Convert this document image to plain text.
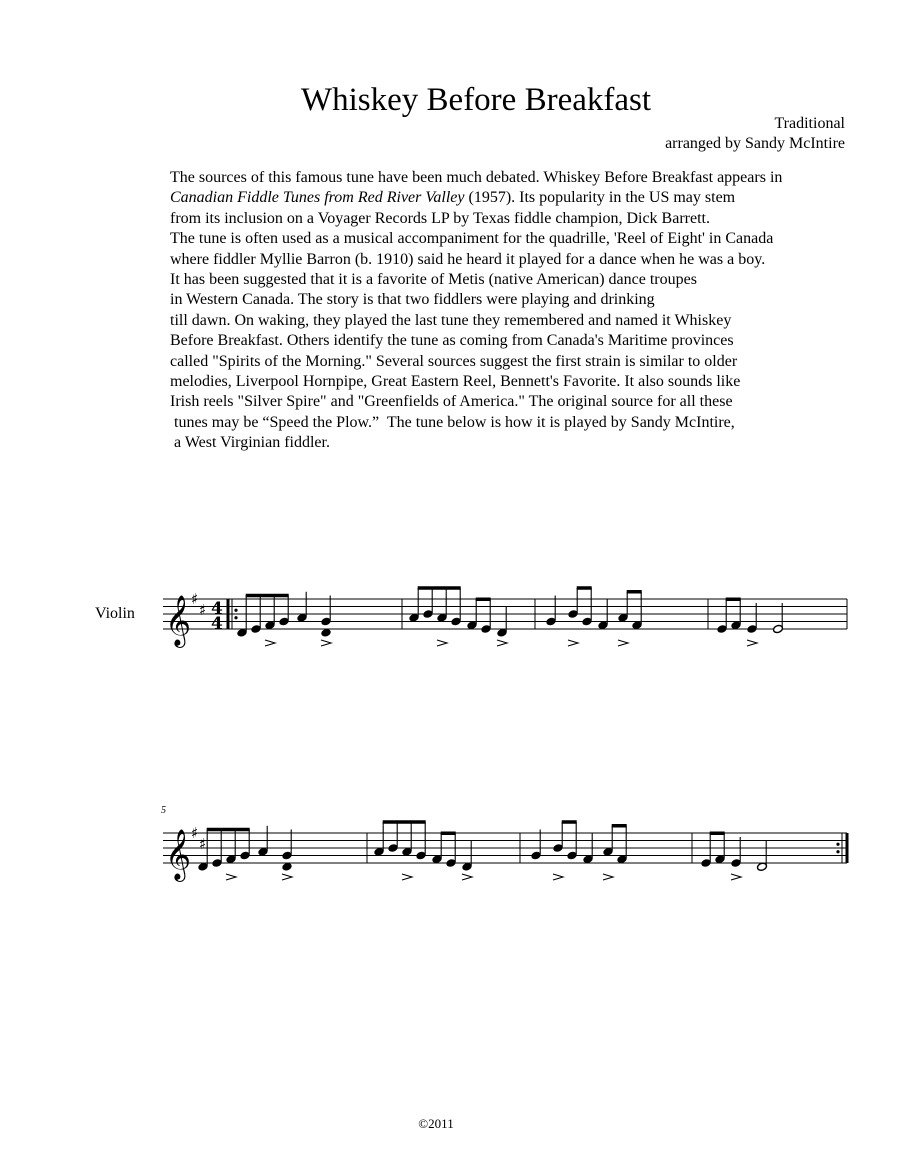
Whiskey Before Breakfast
Traditional
arranged by Sandy McIntire
The sources of this famous tune have been much debated. Whiskey Before Breakfast appears in
Canadian Fiddle Tunes from Red River Valley (1957). Its popularity in the US may stem
from its inclusion on a Voyager Records LP by Texas fiddle champion, Dick Barrett.
The tune is often used as a musical accompaniment for the quadrille, 'Reel of Eight' in Canada
where fiddler Myllie Barron (b. 1910) said he heard it played for a dance when he was a boy.
It has been suggested that it is a favorite of Metis (native American) dance troupes
in Western Canada. The story is that two fiddlers were playing and drinking
till dawn. On waking, they played the last tune they remembered and named it Whiskey
Before Breakfast. Others identify the tune as coming from Canada's Maritime provinces
called "Spirits of the Morning." Several sources suggest the first strain is similar to older
melodies, Liverpool Hornpipe, Great Eastern Reel, Bennett's Favorite. It also sounds like
Irish reels "Silver Spire" and "Greenfields of America." The original source for all these
tunes may be “Speed the Plow.”  The tune below is how it is played by Sandy McIntire,
a West Virginian fiddler.
Violin
5
𝄞 ♯
♯ 4
4
𝄞 ♯
♯
©2011
